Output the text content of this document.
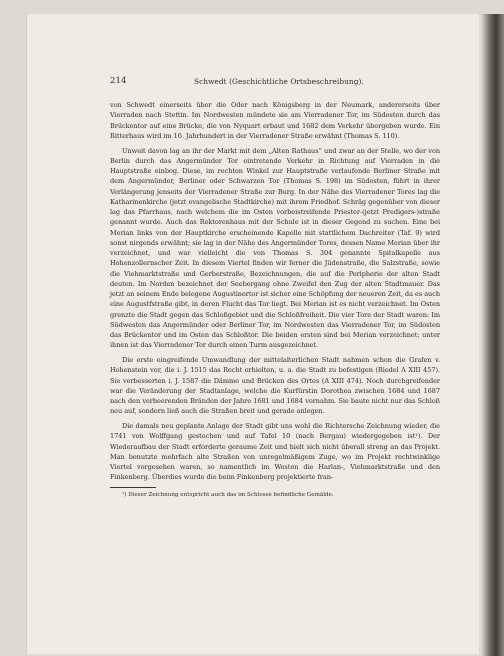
214	Schwedt (Geschichtliche Ortsbeschreibung).

von Schwedt einerseits über die Oder nach Königsberg in der Neumark, andererseits über Vierraden nach Stettin. Im Nordwesten mündete sie am Vierradener Tor, im Südosten durch das Brückentor auf eine Brücke, die von Nyquart erbaut und 1682 dem Verkehr übergeben wurde. Ein Ritterhaus wird im 16. Jahrhundert in der Vierradener Straße erwähnt (Thomas S. 110).

Unweit davon lag an ihr der Markt mit dem „Alten Rathaus“ und zwar an der Stelle, wo der von Berlin durch das Angermünder Tor eintretende Verkehr in Richtung auf Vierraden in die Hauptstraße einbog. Diese, im rechten Winkel zur Hauptstraße verlaufende Berliner Straße mit dem Angermünder, Berliner oder Schwarzen Tor (Thomas S. 198) im Südosten, führt in ihrer Verlängerung jenseits der Vierradener Straße zur Burg. In der Nähe des Vierradener Tores lag die Katharinenkirche (jetzt evangelische Stadtkirche) mit ihrem Friedhof. Schräg gegenüber von dieser lag das Pfarrhaus, nach welchem die im Osten vorbeistreifende Priester-(jetzt Predigers-)straße genannt wurde. Auch das Rektorenhaus mit der Schule ist in dieser Gegend zu suchen. Eine bei Merian links von der Hauptkirche erscheinende Kapelle mit stattlichem Dachreiter (Taf. 9) wird sonst nirgends erwähnt; sie lag in der Nähe des Angermünder Tores, dessen Name Merian über ihr verzeichnet, und war vielleicht die von Thomas S. 304 genannte Spitalkapelle aus Hohenzollernscher Zeit. In diesem Viertel finden wir ferner die Jüdenstraße, die Salzstraße, sowie die Viehmarktstraße und Gerberstraße, Bezeichnungen, die auf die Peripherie der alten Stadt deuten. Im Norden bezeichnet der Seebergang ohne Zweifel den Zug der alten Stadtmauer. Das jetzt an seinem Ende belegene Augustinertor ist sicher eine Schöpfung der neueren Zeit, da es auch eine Augustfstraße gibt, in deren Flucht das Tor liegt. Bei Merian ist es nicht verzeichnet. Im Osten grenzte die Stadt gegen das Schloßgebiet und die Schloßfreiheit. Die vier Tore der Stadt waren: Im Südwesten das Angermünder oder Berliner Tor, im Nordwesten das Vierradener Tor, im Südosten das Brückentor und im Osten das Schloßtor. Die beiden ersten sind bei Merian verzeichnet; unter ihnen ist das Vierradener Tor durch einen Turm ausgezeichnet.

Die erste eingreifende Umwandlung der mittelalterlichen Stadt nahmen schon die Grafen v. Hohenstein vor, die i. J. 1515 das Recht erhielten, u. a. die Stadt zu befestigen (Riedel A XIII 457). Sie verbesserten i. J. 1587 die Dämme und Brücken des Ortes (A XIII 474). Noch durchgreifender war die Veränderung der Stadtanlage, welche die Kurfürstin Dorothea zwischen 1684 und 1687 nach den verheerenden Bränden der Jahre 1681 und 1684 vornahm. Sie baute nicht nur das Schloß neu auf, sondern ließ auch die Straßen breit und gerade anlegen.

Die damals neu geplante Anlage der Stadt gibt uns wohl die Richtersche Zeichnung wieder, die 1741 von Wolffgang gestochen und auf Tafel 10 (nach Bergau) wiedergegeben ist¹). Der Wiederaufbau der Stadt erforderte geraume Zeit und hielt sich nicht überall streng an das Projekt. Man benutzte mehrfach alte Straßen von unregelmäßigem Zuge, wo im Projekt rechtwinklige Viertel vorgesehen waren, so namentlich im Westen die Harlan-, Viehmarktstraße und den Finkenberg. Überdies wurde die beim Finkenberg projektierte fran-

¹) Dieser Zeichnung entspricht auch das im Schlosse befindliche Gemälde.
